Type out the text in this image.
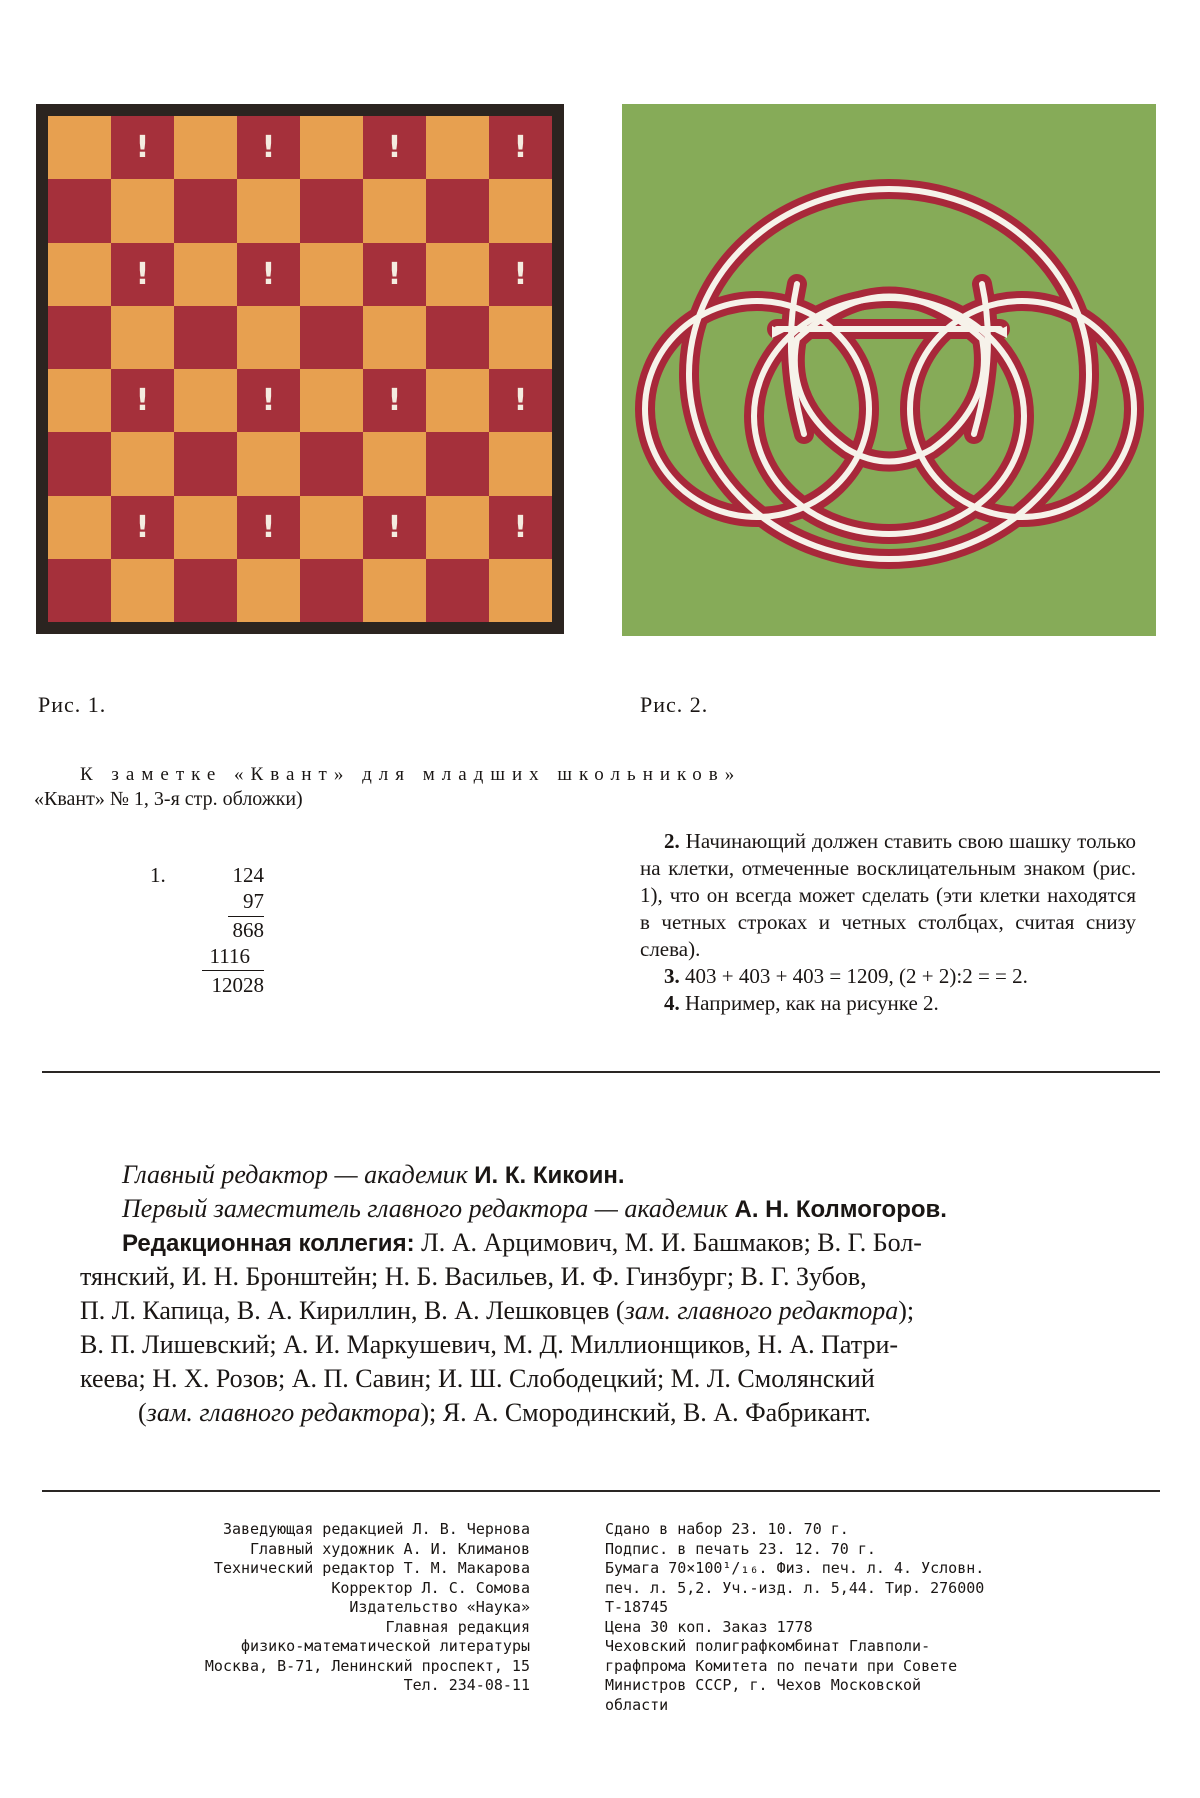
!	!	!	!
!	!	!	!
!	!	!	!
!	!	!	!
Рис. 1.	Рис. 2.
К заметке «Квант» для младших школьников»
«Квант» № 1, 3-я стр. обложки)
1.	124
97
868
1116
12028

2. Начинающий должен ставить свою шашку только на клетки, отмеченные восклицательным знаком (рис. 1), что он всегда может сделать (эти клетки находятся в четных строках и четных столбцах, считая снизу слева).

3. 403 + 403 + 403 = 1209, (2 + 2):2 = = 2.

4. Например, как на рисунке 2.

Главный редактор — академик И. К. Кикоин.
Первый заместитель главного редактора — академик А. Н. Колмогоров.
Редакционная коллегия: Л. А. Арцимович, М. И. Башмаков; В. Г. Бол-
тянский, И. Н. Бронштейн; Н. Б. Васильев, И. Ф. Гинзбург; В. Г. Зубов,
П. Л. Капица, В. А. Кириллин, В. А. Лешковцев (зам. главного редактора);
В. П. Лишевский; А. И. Маркушевич, М. Д. Миллионщиков, Н. А. Патри-
кеева; Н. Х. Розов; А. П. Савин; И. Ш. Слободецкий; М. Л. Смолянский
(зам. главного редактора); Я. А. Смородинский, В. А. Фабрикант.
Заведующая редакцией Л. В. Чернова
Главный художник А. И. Климанов
Технический редактор Т. М. Макарова
Корректор Л. С. Сомова
Издательство «Наука»
Главная редакция
физико-математической литературы
Москва, В-71, Ленинский проспект, 15
Тел. 234-08-11
Сдано в набор 23. 10. 70 г.
Подпис. в печать 23. 12. 70 г.
Бумага 70×100¹/₁₆. Физ. печ. л. 4. Условн.
печ. л. 5,2. Уч.-изд. л. 5,44. Тир. 276000
Т-18745
Цена 30 коп. Заказ 1778
Чеховский полиграфкомбинат Главполи-
графпрома Комитета по печати при Совете
Министров СССР, г. Чехов Московской
области
